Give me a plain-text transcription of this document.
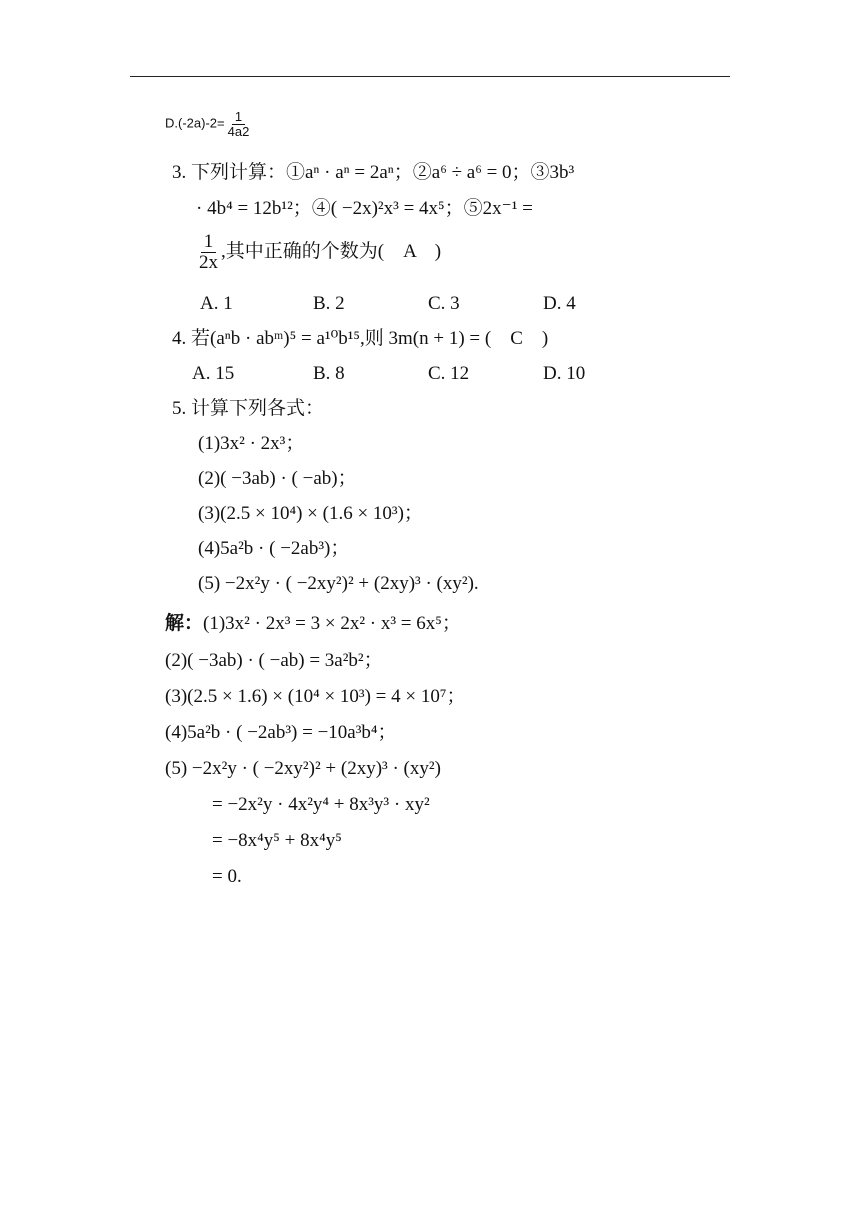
$D.(-2a)-2= \frac{1}{4a2}$
3. 下列计算：①aⁿ · aⁿ = 2aⁿ；②a⁶ ÷ a⁶ = 0；③3b³
· 4b⁴ = 12b¹²；④( −2x)²x³ = 4x⁵；⑤2x⁻¹ =
$\frac{1}{2x}$ ,其中正确的个数为(　A　)
A. 1	B. 2	C. 3	D. 4
4. 若(aⁿb · abᵐ)⁵ = a¹⁰b¹⁵,则 3m(n + 1) = (　C　)
A. 15	B. 8	C. 12	D. 10
5. 计算下列各式：
(1)3x² · 2x³；
(2)( −3ab) · ( −ab)；
(3)(2.5 × 10⁴) × (1.6 × 10³)；
(4)5a²b · ( −2ab³)；
(5) −2x²y · ( −2xy²)² + (2xy)³ · (xy²).
解：(1)3x² · 2x³ = 3 × 2x² · x³ = 6x⁵；
(2)( −3ab) · ( −ab) = 3a²b²；
(3)(2.5 × 1.6) × (10⁴ × 10³) = 4 × 10⁷；
(4)5a²b · ( −2ab³) = −10a³b⁴；
(5) −2x²y · ( −2xy²)² + (2xy)³ · (xy²)
= −2x²y · 4x²y⁴ + 8x³y³ · xy²
= −8x⁴y⁵ + 8x⁴y⁵
= 0.
